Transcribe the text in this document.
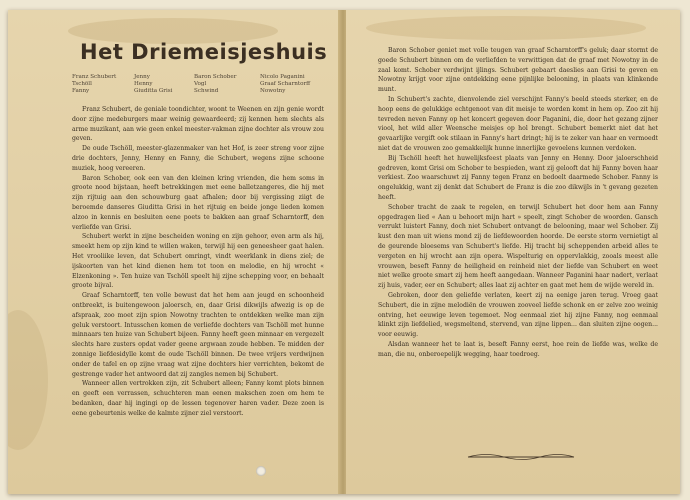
Het Driemeisjeshuis
Franz Schubert	Jenny	Baron Schober	Nicolo Paganini
Tschöll	Henny	Vogl	Graaf Scharntorff
Fanny	Giuditta Grisi	Schwind	Nowotny

Franz Schubert, de geniale toondichter, woont te Weenen en zijn genie wordt door zijne medeburgers maar weinig gewaardeerd; zij kennen hem slechts als arme muzikant, aan wie geen enkel meester-vakman zijne dochter als vrouw zou geven.

De oude Tschöll, meester-glazenmaker van het Hof, is zeer streng voor zijne drie dochters, Jenny, Henny en Fanny, die Schubert, wegens zijne schoone muziek, hoog vereeren.

Baron Schober, ook een van den kleinen kring vrienden, die hem soms in groote nood bijstaan, heeft betrekkingen met eene balletzangeres, die hij met zijn rijtuig aan den schouwburg gaat afhalen; door bij vergissing ziigt de beroemde danseres Giuditta Grisi in het rijtuig en beide jonge lieden komen alzoo in kennis en besluiten eene poets te bakken aan graaf Scharntorff, den verliefde van Grisi.

Schubert werkt in zijne bescheiden woning en zijn gehoor, even arm als hij, smeekt hem op zijn kind te willen waken, terwijl hij een geneesheer gaat halen. Het vrooliike leven, dat Schubert omringt, vindt weerklank in diens ziel; de ijskoorten van het kind dienen hem tot toon en melodie, en hij wrocht « Elzenkoning ». Ten huize van Tschöll speelt hij zijne schepping voor, en behaalt groote bijval.

Graaf Scharntorff, ten volle bewust dat het hem aan jeugd en schoonheid ontbreekt, is buitengewoon jaloersch, en, daar Grisi dikwijls afwezig is op de afspraak, zoo moet zijn spion Nowotny trachten te ontdekken welke man zijn geluk verstoort. Intusschen komen de verliefde dochters van Tschöll met hunne minnaars ten huize van Schubert bijeen. Fanny heeft geen minnaar en vergezelt slechts hare zusters opdat vader geene argwaan zoude hebben. Te midden der zonnige liefdesidylle komt de oude Tschöll binnen. De twee vrijers verdwijnen onder de tafel en op zijne vraag wat zijne dochters hier verrichten, bekomt de gestrenge vader het antwoord dat zij zangles nemen bij Schubert.

Wanneer allen vertrokken zijn, zit Schubert alleen; Fanny komt plots binnen en geeft een verrassen, schuchteren man eenen makschen zoen om hem te bedanken, daar hij ingingi op de lessen tegenover haren vader. Deze zoen is eene gebeurtenis welke de kalmte zijner ziel verstoort.

Baron Schober geniet met volle teugen van graaf Scharntorff's geluk; daar stormt de goede Schubert binnen om de verliefden te verwittigen dat de graaf met Nowotny in de zaal komt. Schober verdwijnt ijlings. Schubert gebaart daeslies aan Grisi te geven en Nowotny krijgt voor zijne ontdekking eene pijnlijke belooning, in plaats van klinkende munt.

In Schubert's zachte, dienvolende ziel verschijnt Fanny's beeld steeds sterker, en de hoop eens de gelukkige echtgenoot van dit meisje te worden komt in hem op. Zoo zit hij tevreden neven Fanny op het koncert gegeven door Paganini, die, door het gezang zijner viool, het wild aller Weensche meisjes op hol brengt. Schubert bemerkt niet dat het gevaarlijke vergift ook stilaan in Fanny's hart dringt; hij is te zeker van haar en vermoedt niet dat de vrouwen zoo gemakkelijk hunne innerlijke gevoelens kunnen verdoken.

Bij Tschöll heeft het huwelijksfeest plaats van Jenny en Henny. Door jaloerschheid gedreven, komt Grisi om Schober te bespieden, want zij gelooft dat hij Fanny boven haar verkiest. Zoo waarschuwt zij Fanny tegen Franz en bedoelt daarmede Schober. Fanny is ongelukkig, want zij denkt dat Schubert de Franz is die zoo dikwijls in 't gevang gezeten heeft.

Schober tracht de zaak te regelen, en terwijl Schubert het door hem aan Fanny opgedragen lied « Aan u behoort mijn hart » speelt, zingt Schober de woorden. Gansch verrukt luistert Fanny, doch niet Schubert ontvangt de belooning, maar wel Schober. Zij kust den man uit wiens mond zij de liefdewoorden hoorde. De eerste storm vernietigt al de geurende bloesems van Schubert's liefde. Hij tracht bij scheppenden arbeid alles te vergeten en hij wrocht aan zijn opera. Wispelturig en oppervlakkig, zooals meest alle vrouwen, beseft Fanny de heiligheid en reinheid niet der liefde van Schubert en weet niet welke groote smart zij hem heeft aangedaan. Wanneer Paganini haar nadert, verlaat zij huis, vader, eer en Schubert; alles laat zij achter en gaat met hem de wijde wereld in.

Gebroken, door den geliefde verlaten, keert zij na eenige jaren terug. Vroeg gaat Schubert, die in zijne melodiën de vrouwen zooveel liefde schonk en er zelve zoo weinig ontving, het eeuwige leven tegemoet. Nog eenmaal ziet hij zijne Fanny, nog eenmaal klinkt zijn liefdelied, wegsmeltend, stervend, van zijne lippen... dan sluiten zijne oogen... voor eeuwig.

Alsdan wanneer het te laat is, beseft Fanny eerst, hoe rein de liefde was, welke de man, die nu, onberoepelijk wegging, haar toedroeg.
